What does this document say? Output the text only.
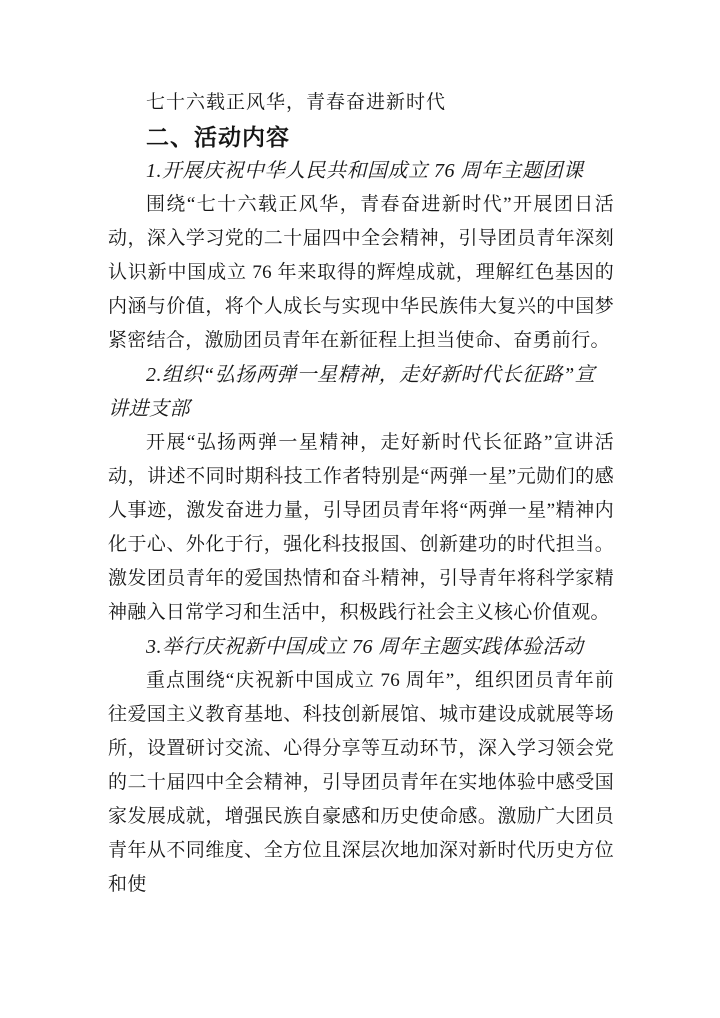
七十六载正风华，青春奋进新时代

二、活动内容

1.开展庆祝中华人民共和国成立 76 周年主题团课

围绕“七十六载正风华，青春奋进新时代”开展团日活动，深入学习党的二十届四中全会精神，引导团员青年深刻认识新中国成立 76 年来取得的辉煌成就，理解红色基因的内涵与价值，将个人成长与实现中华民族伟大复兴的中国梦紧密结合，激励团员青年在新征程上担当使命、奋勇前行。

2.组织“弘扬两弹一星精神，走好新时代长征路”宣讲进支部

开展“弘扬两弹一星精神，走好新时代长征路”宣讲活动，讲述不同时期科技工作者特别是“两弹一星”元勋们的感人事迹，激发奋进力量，引导团员青年将“两弹一星”精神内化于心、外化于行，强化科技报国、创新建功的时代担当。激发团员青年的爱国热情和奋斗精神，引导青年将科学家精神融入日常学习和生活中，积极践行社会主义核心价值观。

3.举行庆祝新中国成立 76 周年主题实践体验活动

重点围绕“庆祝新中国成立 76 周年”，组织团员青年前往爱国主义教育基地、科技创新展馆、城市建设成就展等场所，设置研讨交流、心得分享等互动环节，深入学习领会党的二十届四中全会精神，引导团员青年在实地体验中感受国家发展成就，增强民族自豪感和历史使命感。激励广大团员青年从不同维度、全方位且深层次地加深对新时代历史方位和使
